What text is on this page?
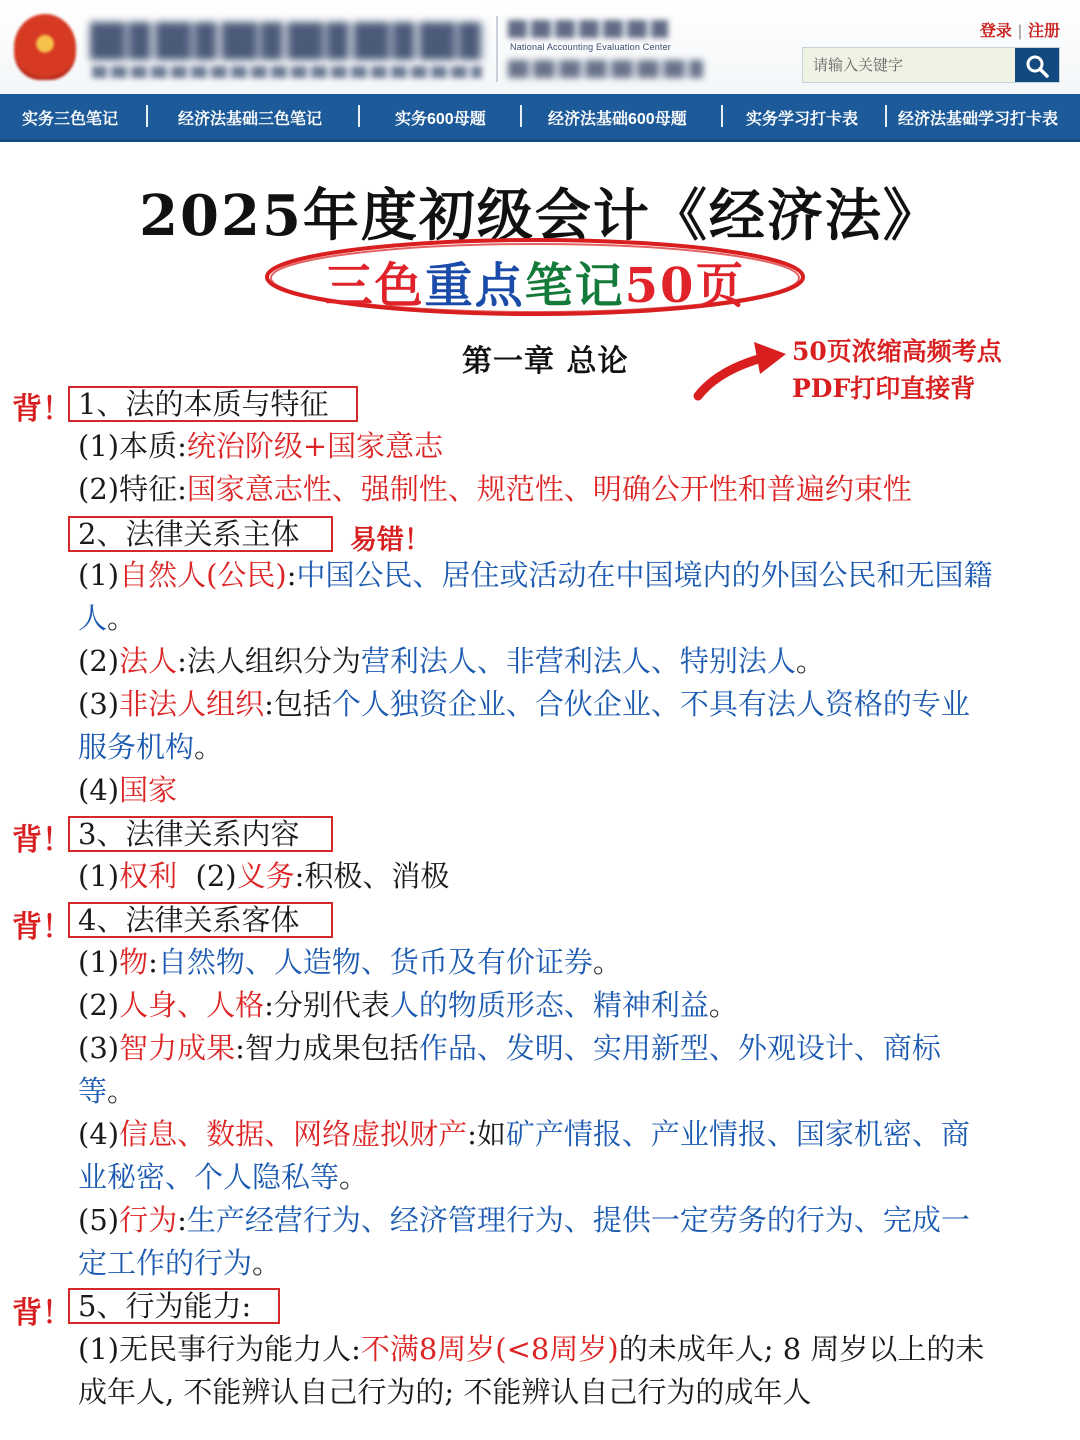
National Accounting Evaluation Center
登录 | 注册
请输入关键字
实务三色笔记	经济法基础三色笔记	实务600母题	经济法基础600母题	实务学习打卡表 经济法基础学习打卡表
2025年度初级会计《经济法》
三色重点笔记50页
第一章 总论	50页浓缩高频考点
PDF打印直接背
背！ 1、法的本质与特征
(1)本质:统治阶级+国家意志
(2)特征:国家意志性、强制性、规范性、明确公开性和普遍约束性
2、法律关系主体 易错！
(1)自然人(公民):中国公民、居住或活动在中国境内的外国公民和无国籍
人。
(2)法人:法人组织分为营利法人、非营利法人、特别法人。
(3)非法人组织:包括个人独资企业、合伙企业、不具有法人资格的专业
服务机构。
(4)国家
背！ 3、法律关系内容
(1)权利  (2)义务:积极、消极
背！ 4、法律关系客体
(1)物:自然物、人造物、货币及有价证券。
(2)人身、人格:分别代表人的物质形态、精神利益。
(3)智力成果:智力成果包括作品、发明、实用新型、外观设计、商标
等。
(4)信息、数据、网络虚拟财产:如矿产情报、产业情报、国家机密、商
业秘密、个人隐私等。
(5)行为:生产经营行为、经济管理行为、提供一定劳务的行为、完成一
定工作的行为。
背！ 5、行为能力:
(1)无民事行为能力人:不满8周岁(<8周岁)的未成年人; 8 周岁以上的未
成年人, 不能辨认自己行为的; 不能辨认自己行为的成年人
